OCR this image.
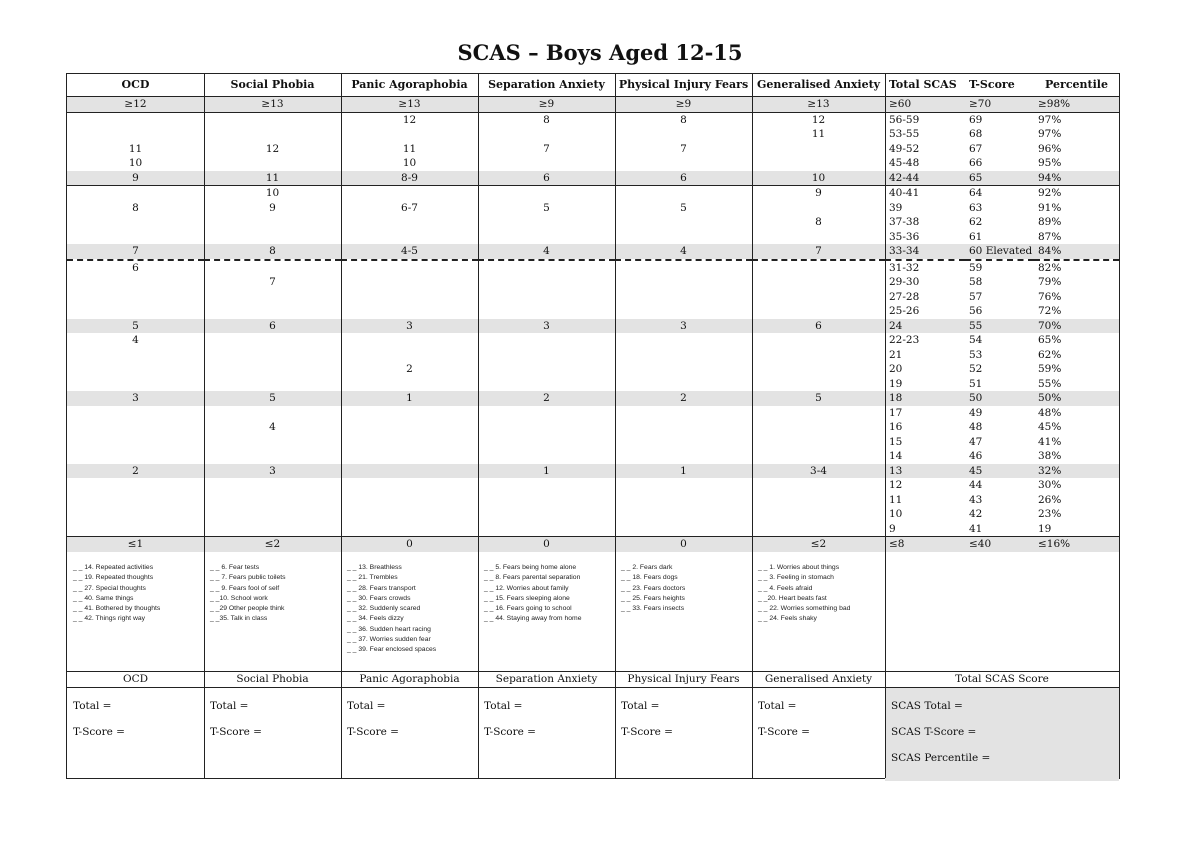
SCAS – Boys Aged 12-15
OCD	Social Phobia	Panic Agoraphobia	Separation Anxiety	Physical Injury Fears	Generalised Anxiety	Total SCAS	T-Score	Percentile
≥12	≥13	≥13	≥9	≥9	≥13	≥60	≥70	≥98%
		12	8	8	12	56-59	69	97%
					11	53-55	68	97%
11	12	11	7	7		49-52	67	96%
10		10				45-48	66	95%
9	11	8-9	6	6	10	42-44	65	94%
	10				9	40-41	64	92%
8	9	6-7	5	5		39	63	91%
					8	37-38	62	89%
						35-36	61	87%
7	8	4-5	4	4	7	33-34	60 Elevated	84%
6						31-32	59	82%
	7					29-30	58	79%
						27-28	57	76%
						25-26	56	72%
5	6	3	3	3	6	24	55	70%
4						22-23	54	65%
						21	53	62%
		2				20	52	59%
						19	51	55%
3	5	1	2	2	5	18	50	50%
						17	49	48%
	4					16	48	45%
						15	47	41%
						14	46	38%
2	3		1	1	3-4	13	45	32%
						12	44	30%
						11	43	26%
						10	42	23%
						9	41	19
≤1	≤2	0	0	0	≤2	≤8	≤40	≤16%
_ _ 14. Repeated activities
_ _ 19. Repeated thoughts
_ _ 27. Special thoughts
_ _ 40. Same things
_ _ 41. Bothered by thoughts
_ _ 42. Things right way
_ _ 6. Fear tests
_ _ 7. Fears public toilets
_ _ 9. Fears fool of self
_ _10. School work
_ _29 Other people think
_ _35. Talk in class
_ _ 13. Breathless
_ _ 21. Trembles
_ _ 28. Fears transport
_ _ 30. Fears crowds
_ _ 32. Suddenly scared
_ _ 34. Feels dizzy
_ _ 36. Sudden heart racing
_ _ 37. Worries sudden fear
_ _ 39. Fear enclosed spaces
_ _ 5. Fears being home alone
_ _ 8. Fears parental separation
_ _ 12. Worries about family
_ _ 15. Fears sleeping alone
_ _ 16. Fears going to school
_ _ 44. Staying away from home
_ _ 2. Fears dark
_ _ 18. Fears dogs
_ _ 23. Fears doctors
_ _ 25. Fears heights
_ _ 33. Fears insects
_ _ 1. Worries about things
_ _ 3. Feeling in stomach
_ _ 4. Feels afraid
_ _20. Heart beats fast
_ _ 22. Worries something bad
_ _ 24. Feels shaky
OCD	Social Phobia	Panic Agoraphobia	Separation Anxiety	Physical Injury Fears	Generalised Anxiety	Total SCAS Score
Total =
T-Score =
Total =
T-Score =
Total =
T-Score =
Total =
T-Score =
Total =
T-Score =
Total =
T-Score =
SCAS Total =
SCAS T-Score =
SCAS Percentile =
